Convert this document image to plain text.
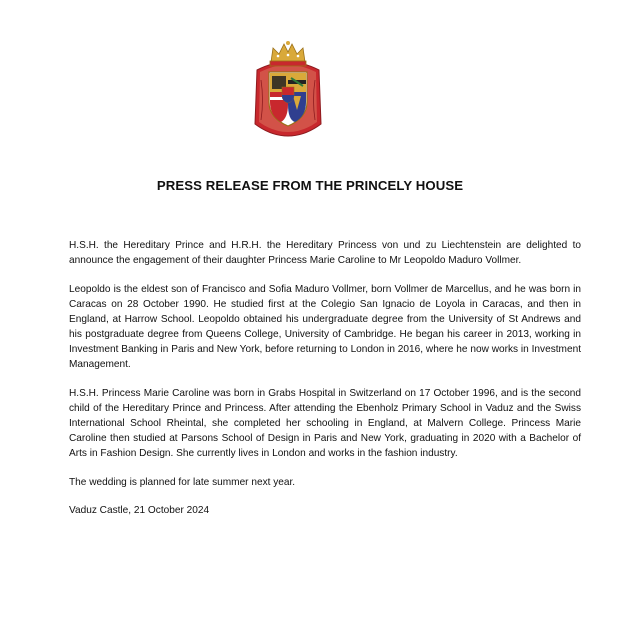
PRESS RELEASE FROM THE PRINCELY HOUSE

H.S.H. the Hereditary Prince and H.R.H. the Hereditary Princess von und zu Liechtenstein are delighted to announce the engagement of their daughter Princess Marie Caroline to Mr Leopoldo Maduro Vollmer.

Leopoldo is the eldest son of Francisco and Sofia Maduro Vollmer, born Vollmer de Marcellus, and he was born in Caracas on 28 October 1990. He studied first at the Colegio San Ignacio de Loyola in Caracas, and then in England, at Harrow School. Leopoldo obtained his undergraduate degree from the University of St Andrews and his postgraduate degree from Queens College, University of Cambridge. He began his career in 2013, working in Investment Banking in Paris and New York, before returning to London in 2016, where he now works in Investment Management.

H.S.H. Princess Marie Caroline was born in Grabs Hospital in Switzerland on 17 October 1996, and is the second child of the Hereditary Prince and Princess. After attending the Ebenholz Primary School in Vaduz and the Swiss International School Rheintal, she completed her schooling in England, at Malvern College. Princess Marie Caroline then studied at Parsons School of Design in Paris and New York, graduating in 2020 with a Bachelor of Arts in Fashion Design. She currently lives in London and works in the fashion industry.

The wedding is planned for late summer next year.

Vaduz Castle, 21 October 2024
